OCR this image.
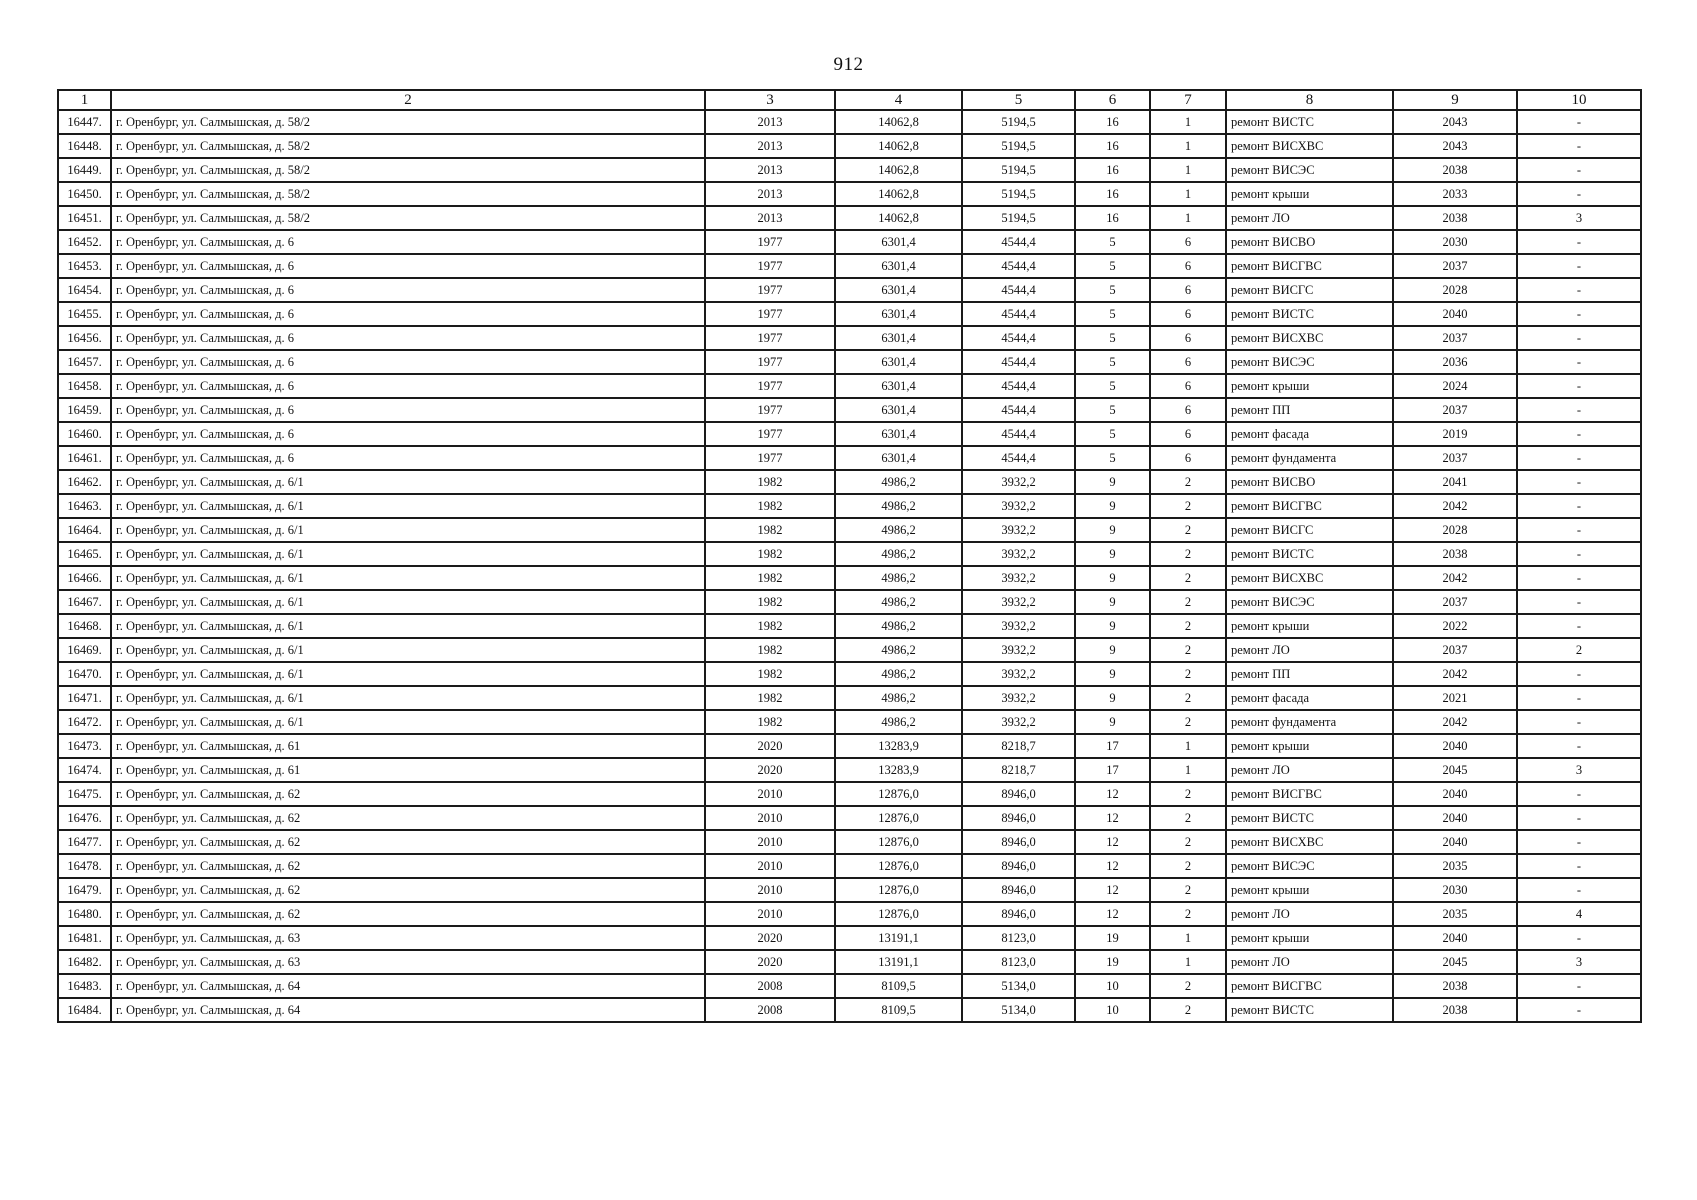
912
1	2	3	4	5	6	7	8	9	10
16447.	г. Оренбург, ул. Салмышская, д. 58/2	2013	14062,8	5194,5	16	1	ремонт ВИСТС	2043	-
16448.	г. Оренбург, ул. Салмышская, д. 58/2	2013	14062,8	5194,5	16	1	ремонт ВИСХВС	2043	-
16449.	г. Оренбург, ул. Салмышская, д. 58/2	2013	14062,8	5194,5	16	1	ремонт ВИСЭС	2038	-
16450.	г. Оренбург, ул. Салмышская, д. 58/2	2013	14062,8	5194,5	16	1	ремонт крыши	2033	-
16451.	г. Оренбург, ул. Салмышская, д. 58/2	2013	14062,8	5194,5	16	1	ремонт ЛО	2038	3
16452.	г. Оренбург, ул. Салмышская, д. 6	1977	6301,4	4544,4	5	6	ремонт ВИСВО	2030	-
16453.	г. Оренбург, ул. Салмышская, д. 6	1977	6301,4	4544,4	5	6	ремонт ВИСГВС	2037	-
16454.	г. Оренбург, ул. Салмышская, д. 6	1977	6301,4	4544,4	5	6	ремонт ВИСГС	2028	-
16455.	г. Оренбург, ул. Салмышская, д. 6	1977	6301,4	4544,4	5	6	ремонт ВИСТС	2040	-
16456.	г. Оренбург, ул. Салмышская, д. 6	1977	6301,4	4544,4	5	6	ремонт ВИСХВС	2037	-
16457.	г. Оренбург, ул. Салмышская, д. 6	1977	6301,4	4544,4	5	6	ремонт ВИСЭС	2036	-
16458.	г. Оренбург, ул. Салмышская, д. 6	1977	6301,4	4544,4	5	6	ремонт крыши	2024	-
16459.	г. Оренбург, ул. Салмышская, д. 6	1977	6301,4	4544,4	5	6	ремонт ПП	2037	-
16460.	г. Оренбург, ул. Салмышская, д. 6	1977	6301,4	4544,4	5	6	ремонт фасада	2019	-
16461.	г. Оренбург, ул. Салмышская, д. 6	1977	6301,4	4544,4	5	6	ремонт фундамента	2037	-
16462.	г. Оренбург, ул. Салмышская, д. 6/1	1982	4986,2	3932,2	9	2	ремонт ВИСВО	2041	-
16463.	г. Оренбург, ул. Салмышская, д. 6/1	1982	4986,2	3932,2	9	2	ремонт ВИСГВС	2042	-
16464.	г. Оренбург, ул. Салмышская, д. 6/1	1982	4986,2	3932,2	9	2	ремонт ВИСГС	2028	-
16465.	г. Оренбург, ул. Салмышская, д. 6/1	1982	4986,2	3932,2	9	2	ремонт ВИСТС	2038	-
16466.	г. Оренбург, ул. Салмышская, д. 6/1	1982	4986,2	3932,2	9	2	ремонт ВИСХВС	2042	-
16467.	г. Оренбург, ул. Салмышская, д. 6/1	1982	4986,2	3932,2	9	2	ремонт ВИСЭС	2037	-
16468.	г. Оренбург, ул. Салмышская, д. 6/1	1982	4986,2	3932,2	9	2	ремонт крыши	2022	-
16469.	г. Оренбург, ул. Салмышская, д. 6/1	1982	4986,2	3932,2	9	2	ремонт ЛО	2037	2
16470.	г. Оренбург, ул. Салмышская, д. 6/1	1982	4986,2	3932,2	9	2	ремонт ПП	2042	-
16471.	г. Оренбург, ул. Салмышская, д. 6/1	1982	4986,2	3932,2	9	2	ремонт фасада	2021	-
16472.	г. Оренбург, ул. Салмышская, д. 6/1	1982	4986,2	3932,2	9	2	ремонт фундамента	2042	-
16473.	г. Оренбург, ул. Салмышская, д. 61	2020	13283,9	8218,7	17	1	ремонт крыши	2040	-
16474.	г. Оренбург, ул. Салмышская, д. 61	2020	13283,9	8218,7	17	1	ремонт ЛО	2045	3
16475.	г. Оренбург, ул. Салмышская, д. 62	2010	12876,0	8946,0	12	2	ремонт ВИСГВС	2040	-
16476.	г. Оренбург, ул. Салмышская, д. 62	2010	12876,0	8946,0	12	2	ремонт ВИСТС	2040	-
16477.	г. Оренбург, ул. Салмышская, д. 62	2010	12876,0	8946,0	12	2	ремонт ВИСХВС	2040	-
16478.	г. Оренбург, ул. Салмышская, д. 62	2010	12876,0	8946,0	12	2	ремонт ВИСЭС	2035	-
16479.	г. Оренбург, ул. Салмышская, д. 62	2010	12876,0	8946,0	12	2	ремонт крыши	2030	-
16480.	г. Оренбург, ул. Салмышская, д. 62	2010	12876,0	8946,0	12	2	ремонт ЛО	2035	4
16481.	г. Оренбург, ул. Салмышская, д. 63	2020	13191,1	8123,0	19	1	ремонт крыши	2040	-
16482.	г. Оренбург, ул. Салмышская, д. 63	2020	13191,1	8123,0	19	1	ремонт ЛО	2045	3
16483.	г. Оренбург, ул. Салмышская, д. 64	2008	8109,5	5134,0	10	2	ремонт ВИСГВС	2038	-
16484.	г. Оренбург, ул. Салмышская, д. 64	2008	8109,5	5134,0	10	2	ремонт ВИСТС	2038	-
